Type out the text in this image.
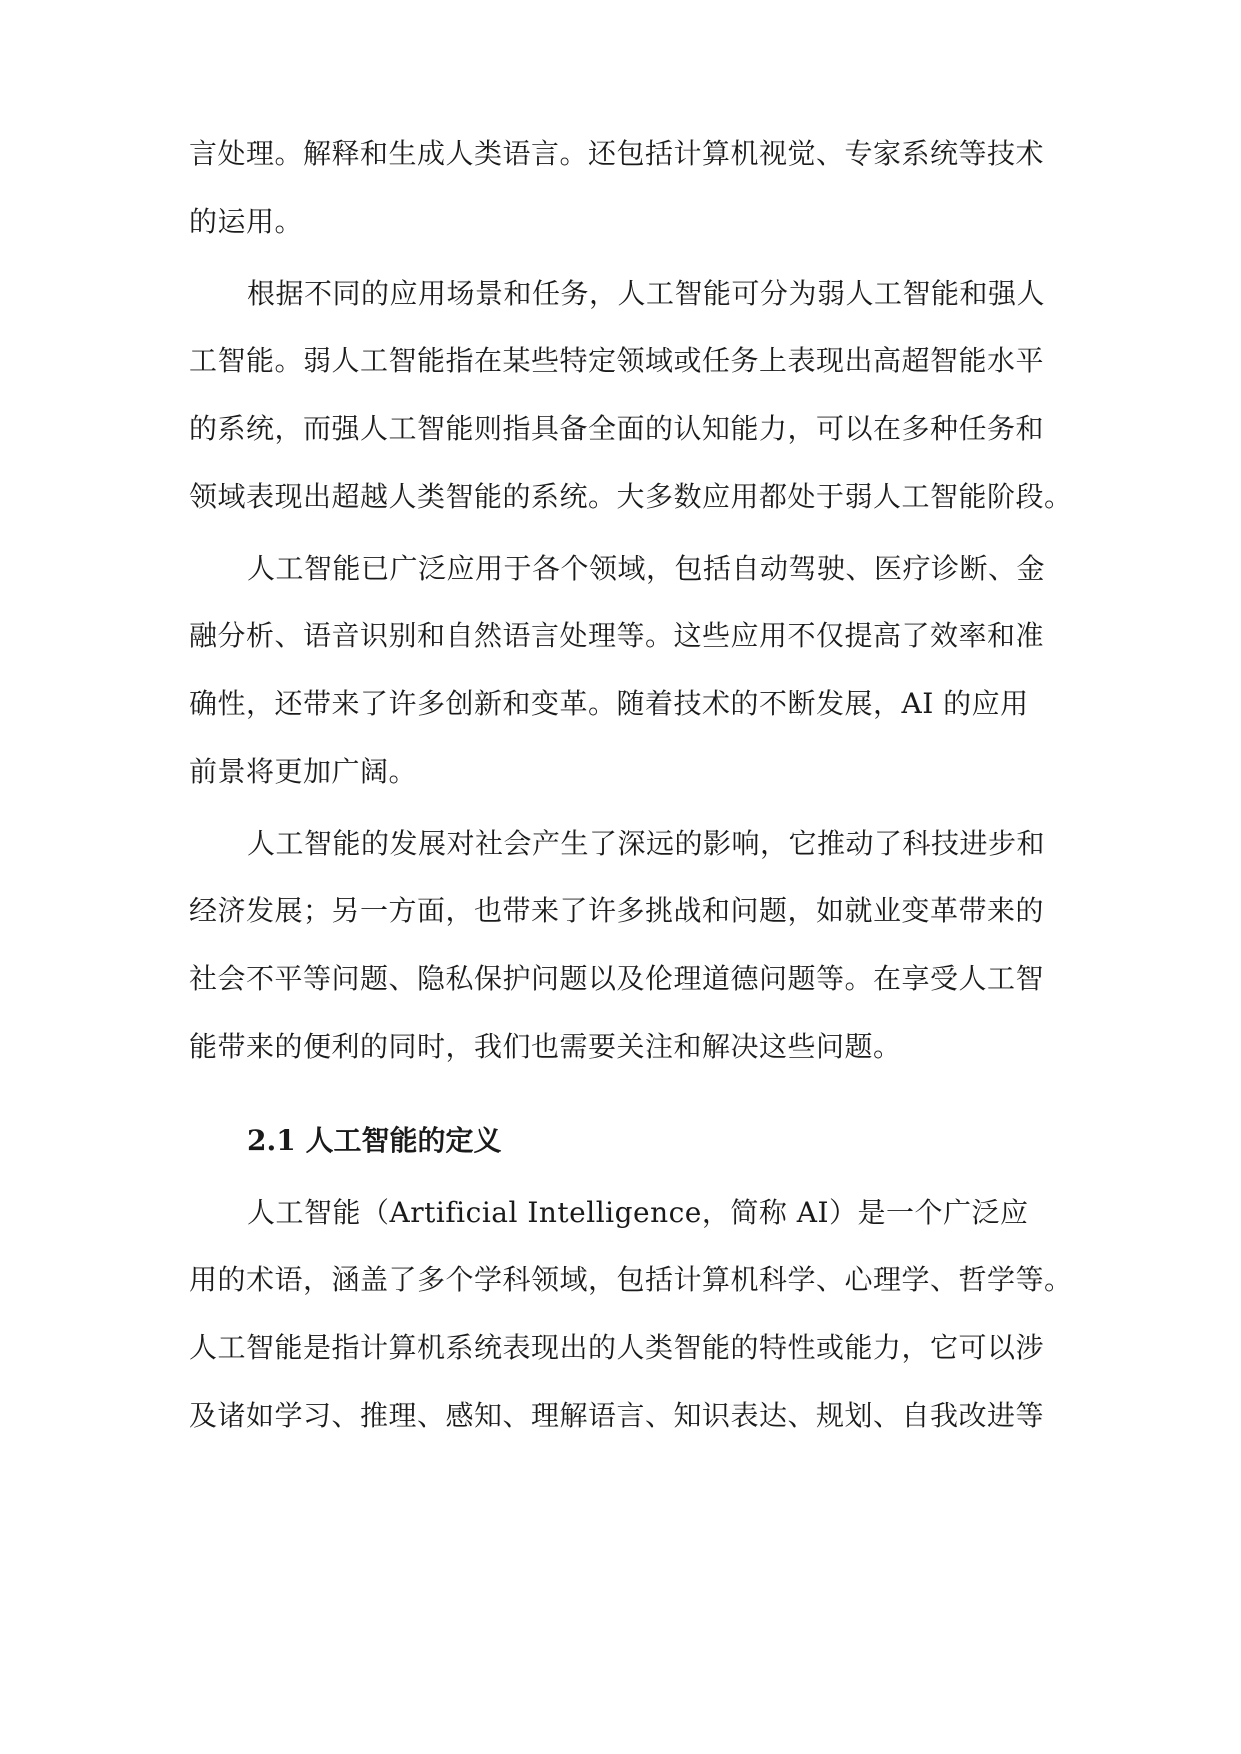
言处理。解释和生成人类语言。还包括计算机视觉、专家系统等技术
的运用。
根据不同的应用场景和任务，人工智能可分为弱人工智能和强人
工智能。弱人工智能指在某些特定领域或任务上表现出高超智能水平
的系统，而强人工智能则指具备全面的认知能力，可以在多种任务和
领域表现出超越人类智能的系统。大多数应用都处于弱人工智能阶段。
人工智能已广泛应用于各个领域，包括自动驾驶、医疗诊断、金
融分析、语音识别和自然语言处理等。这些应用不仅提高了效率和准
确性，还带来了许多创新和变革。随着技术的不断发展，AI 的应用
前景将更加广阔。
人工智能的发展对社会产生了深远的影响，它推动了科技进步和
经济发展；另一方面，也带来了许多挑战和问题，如就业变革带来的
社会不平等问题、隐私保护问题以及伦理道德问题等。在享受人工智
能带来的便利的同时，我们也需要关注和解决这些问题。
2.1 人工智能的定义
人工智能（Artificial Intelligence，简称 AI）是一个广泛应
用的术语，涵盖了多个学科领域，包括计算机科学、心理学、哲学等。
人工智能是指计算机系统表现出的人类智能的特性或能力，它可以涉
及诸如学习、推理、感知、理解语言、知识表达、规划、自我改进等
